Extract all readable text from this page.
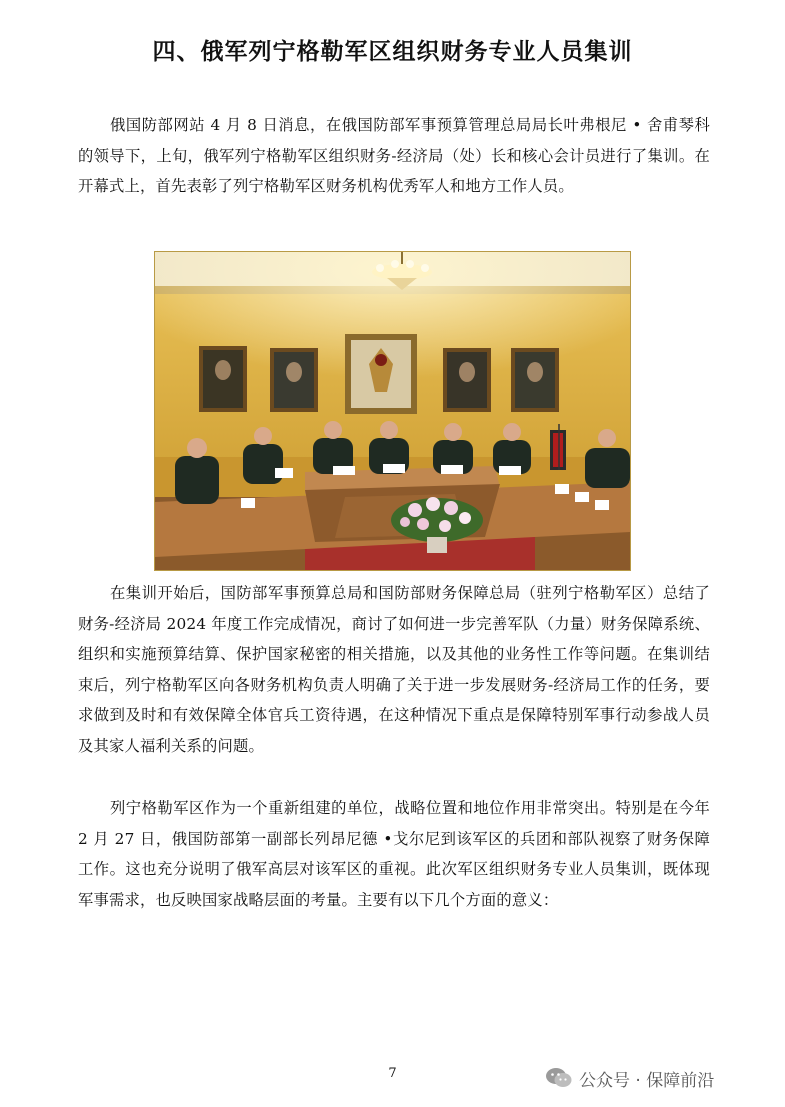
四、俄军列宁格勒军区组织财务专业人员集训

俄国防部网站 4 月 8 日消息，在俄国防部军事预算管理总局局长叶弗根尼 • 舍甫琴科的领导下，上旬，俄军列宁格勒军区组织财务-经济局（处）长和核心会计员进行了集训。在开幕式上，首先表彰了列宁格勒军区财务机构优秀军人和地方工作人员。

在集训开始后，国防部军事预算总局和国防部财务保障总局（驻列宁格勒军区）总结了财务-经济局 2024 年度工作完成情况，商讨了如何进一步完善军队（力量）财务保障系统、组织和实施预算结算、保护国家秘密的相关措施，以及其他的业务性工作等问题。在集训结束后，列宁格勒军区向各财务机构负责人明确了关于进一步发展财务-经济局工作的任务，要求做到及时和有效保障全体官兵工资待遇，在这种情况下重点是保障特别军事行动参战人员及其家人福利关系的问题。

列宁格勒军区作为一个重新组建的单位，战略位置和地位作用非常突出。特别是在今年 2 月 27 日，俄国防部第一副部长列昂尼德 •戈尔尼到该军区的兵团和部队视察了财务保障工作。这也充分说明了俄军高层对该军区的重视。此次军区组织财务专业人员集训，既体现军事需求，也反映国家战略层面的考量。主要有以下几个方面的意义：

7	公众号 · 保障前沿
